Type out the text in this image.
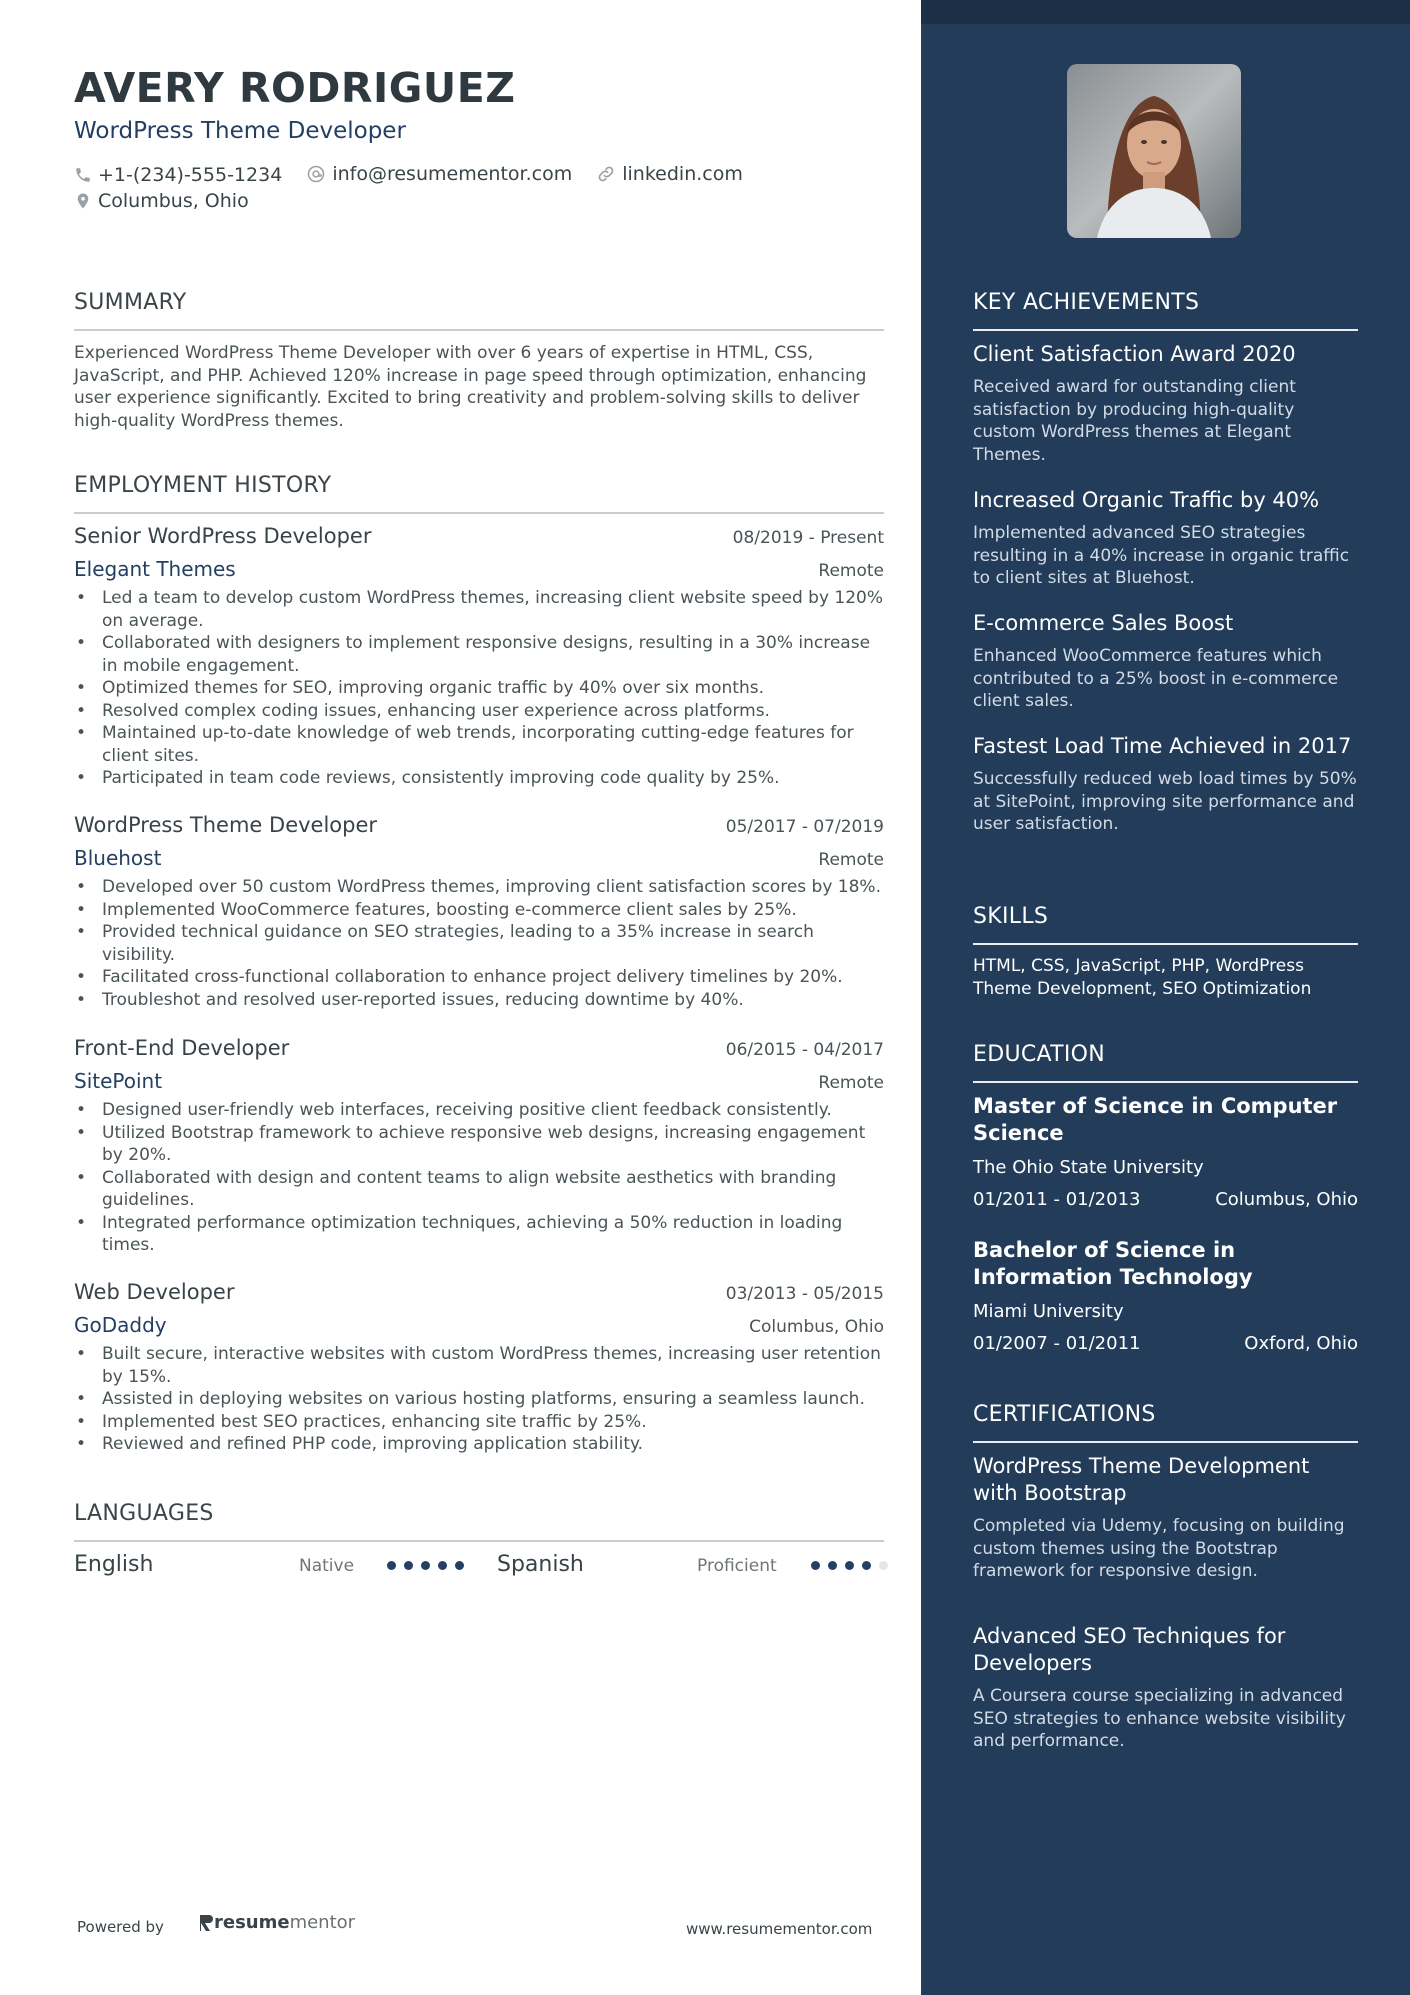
AVERY RODRIGUEZ
WordPress Theme Developer
+1-(234)-555-1234
	info@resumementor.com
	linkedin.com
Columbus, Ohio
SUMMARY
Experienced WordPress Theme Developer with over 6 years of expertise in HTML, CSS, JavaScript, and PHP. Achieved 120% increase in page speed through optimization, enhancing user experience significantly. Excited to bring creativity and problem-solving skills to deliver high-quality WordPress themes.
EMPLOYMENT HISTORY
Senior WordPress Developer	08/2019 - Present
Elegant Themes	Remote
• Led a team to develop custom WordPress themes, increasing client website speed by 120% on average.
• Collaborated with designers to implement responsive designs, resulting in a 30% increase in mobile engagement.
• Optimized themes for SEO, improving organic traffic by 40% over six months.
• Resolved complex coding issues, enhancing user experience across platforms.
• Maintained up-to-date knowledge of web trends, incorporating cutting-edge features for client sites.
• Participated in team code reviews, consistently improving code quality by 25%.
WordPress Theme Developer	05/2017 - 07/2019
Bluehost	Remote
• Developed over 50 custom WordPress themes, improving client satisfaction scores by 18%.
• Implemented WooCommerce features, boosting e-commerce client sales by 25%.
• Provided technical guidance on SEO strategies, leading to a 35% increase in search visibility.
• Facilitated cross-functional collaboration to enhance project delivery timelines by 20%.
• Troubleshot and resolved user-reported issues, reducing downtime by 40%.
Front-End Developer	06/2015 - 04/2017
SitePoint	Remote
• Designed user-friendly web interfaces, receiving positive client feedback consistently.
• Utilized Bootstrap framework to achieve responsive web designs, increasing engagement by 20%.
• Collaborated with design and content teams to align website aesthetics with branding guidelines.
• Integrated performance optimization techniques, achieving a 50% reduction in loading times.
Web Developer	03/2013 - 05/2015
GoDaddy	Columbus, Ohio
• Built secure, interactive websites with custom WordPress themes, increasing user retention by 15%.
• Assisted in deploying websites on various hosting platforms, ensuring a seamless launch.
• Implemented best SEO practices, enhancing site traffic by 25%.
• Reviewed and refined PHP code, improving application stability.
LANGUAGES
English	Native	Spanish	Proficient
Powered by	resume mentor	www.resumementor.com
KEY ACHIEVEMENTS
Client Satisfaction Award 2020
Received award for outstanding client satisfaction by producing high-quality custom WordPress themes at Elegant Themes.
Increased Organic Traffic by 40%
Implemented advanced SEO strategies resulting in a 40% increase in organic traffic to client sites at Bluehost.
E-commerce Sales Boost
Enhanced WooCommerce features which contributed to a 25% boost in e-commerce client sales.
Fastest Load Time Achieved in 2017
Successfully reduced web load times by 50% at SitePoint, improving site performance and user satisfaction.
SKILLS
HTML, CSS, JavaScript, PHP, WordPress Theme Development, SEO Optimization
EDUCATION
Master of Science in Computer Science
The Ohio State University
01/2011 - 01/2013	Columbus, Ohio
Bachelor of Science in Information Technology
Miami University
01/2007 - 01/2011	Oxford, Ohio
CERTIFICATIONS
WordPress Theme Development with Bootstrap
Completed via Udemy, focusing on building custom themes using the Bootstrap framework for responsive design.
Advanced SEO Techniques for Developers
A Coursera course specializing in advanced SEO strategies to enhance website visibility and performance.
